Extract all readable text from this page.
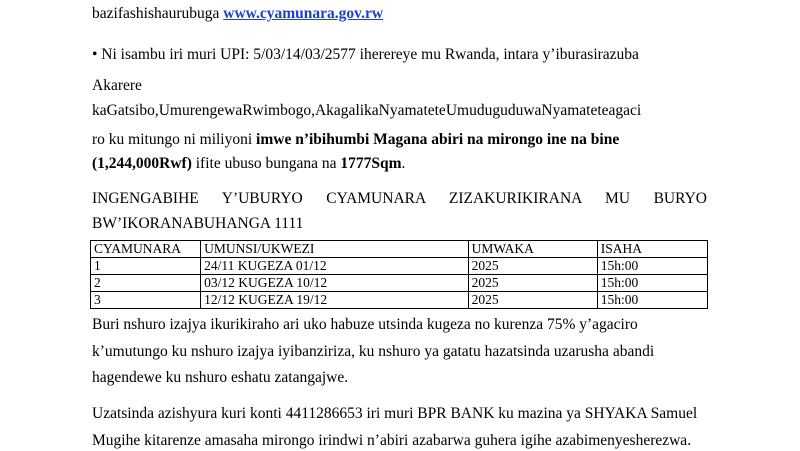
bazifashishaurubuga www.cyamunara.gov.rw
• Ni isambu iri muri UPI: 5/03/14/03/2577 iherereye mu Rwanda, intara y’iburasirazuba
Akarere
kaGatsibo,UmurengewaRwimbogo,AkagalikaNyamateteUmuduguduwaNyamateteagaci
ro ku mitungo ni miliyoni imwe n’ibihumbi Magana abiri na mirongo ine na bine
(1,244,000Rwf) ifite ubuso bungana na 1777Sqm.
INGENGABIHE Y’UBURYO CYAMUNARA ZIZAKURIKIRANA MU BURYO
BW’IKORANABUHANGA 1111
CYAMUNARA	UMUNSI/UKWEZI	UMWAKA	ISAHA
1	24/11 KUGEZA 01/12	2025	15h:00
2	03/12 KUGEZA 10/12	2025	15h:00
3	12/12 KUGEZA 19/12	2025	15h:00
Buri nshuro izajya ikurikiraho ari uko habuze utsinda kugeza no kurenza 75% y’agaciro
k’umutungo ku nshuro izajya iyibanziriza, ku nshuro ya gatatu hazatsinda uzarusha abandi
hagendewe ku nshuro eshatu zatangajwe.
Uzatsinda azishyura kuri konti 4411286653 iri muri BPR BANK ku mazina ya SHYAKA Samuel
Mugihe kitarenze amasaha mirongo irindwi n’abiri azabarwa guhera igihe azabimenyesherezwa.
